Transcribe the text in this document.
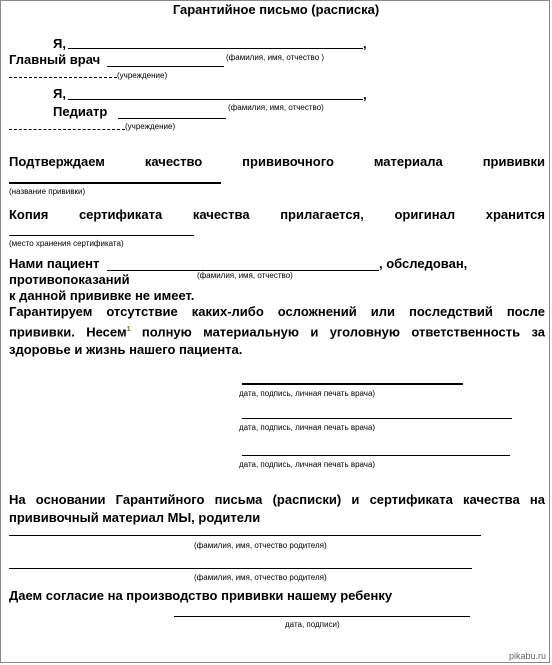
Гарантийное письмо (расписка)
Я,	,
Главный врач	(фамилия, имя, отчество )
(учреждение)
Я,	,
Педиатр	(фамилия, имя, отчество)
(учреждение)
Подтверждаем	качество	прививочного	материала	прививки
(название прививки)
Копия сертификата качества прилагается, оригинал хранится
(место хранения сертификата)
Нами пациент	, обследован,
противопоказаний	(фамилия, имя, отчество)
к данной прививке не имеет.
Гарантируем отсутствие каких-либо осложнений или последствий после
прививки. Несем$^1$ полную материальную и уголовную ответственность за
здоровье и жизнь нашего пациента.
дата, подпись, личная печать врача)
дата, подпись, личная печать врача)
дата, подпись, личная печать врача)
На основании Гарантийного письма (расписки) и сертификата качества на
прививочный материал МЫ, родители
(фамилия, имя, отчество родителя)
(фамилия, имя, отчество родителя)
Даем согласие на производство прививки нашему ребенку
дата, подписи)
pikabu.ru
